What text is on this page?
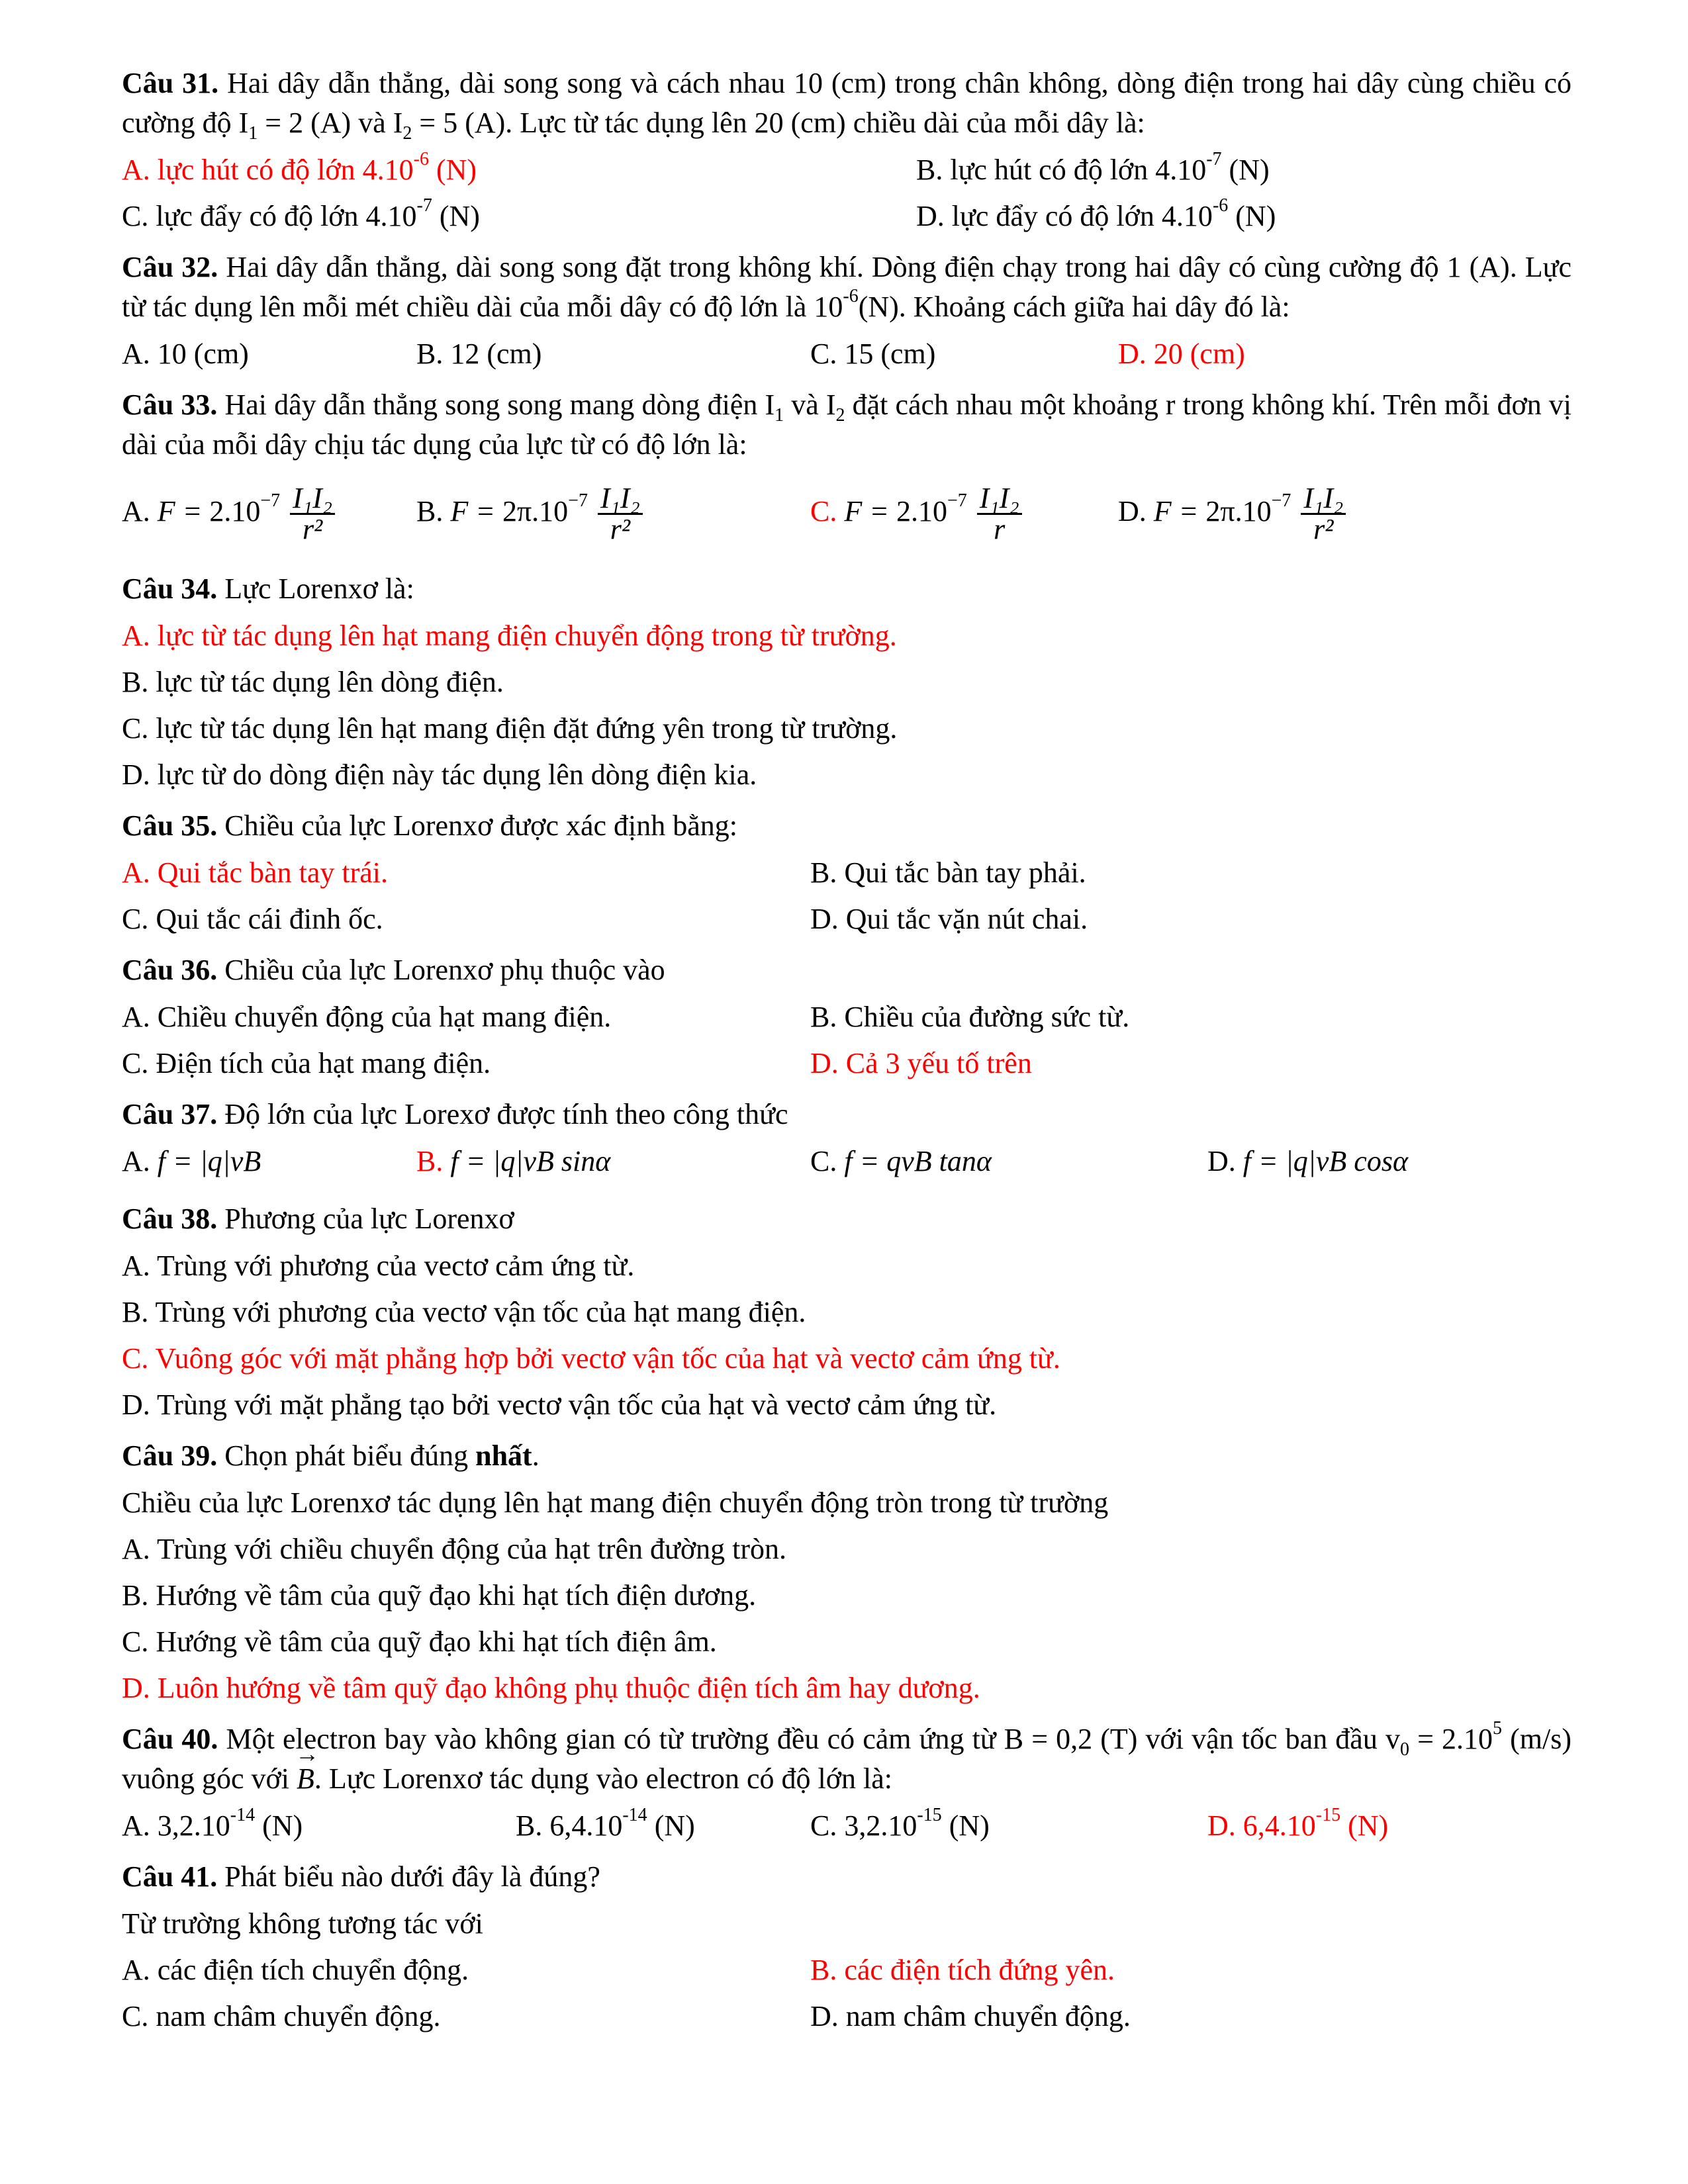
Câu 31. Hai dây dẫn thẳng, dài song song và cách nhau 10 (cm) trong chân không, dòng điện trong hai dây cùng chiều có cường độ $I_1 = 2$ (A) và $I_2 = 5$ (A). Lực từ tác dụng lên 20 (cm) chiều dài của mỗi dây là:
A. lực hút có độ lớn $4.10^{-6}$ (N)	B. lực hút có độ lớn $4.10^{-7}$ (N)
C. lực đẩy có độ lớn $4.10^{-7}$ (N)	D. lực đẩy có độ lớn $4.10^{-6}$ (N)
Câu 32. Hai dây dẫn thẳng, dài song song đặt trong không khí. Dòng điện chạy trong hai dây có cùng cường độ 1 (A). Lực từ tác dụng lên mỗi mét chiều dài của mỗi dây có độ lớn là $10^{-6}(N)$. Khoảng cách giữa hai dây đó là:
A. 10 (cm)	B. 12 (cm)	C. 15 (cm)	D. 20 (cm)
Câu 33. Hai dây dẫn thẳng song song mang dòng điện $I_1$ và $I_2$ đặt cách nhau một khoảng r trong không khí. Trên mỗi đơn vị dài của mỗi dây chịu tác dụng của lực từ có độ lớn là:
A. $F = 2.10^{-7} \frac{\text{I₁I₂}}{\text{r²}}$	B. $F = 2\pi.10^{-7} \frac{\text{I₁I₂}}{\text{r²}}$	C. $F = 2.10^{-7} \frac{\text{I₁I₂}}{r}$	D. $F = 2\pi.10^{-7} \frac{\text{I₁I₂}}{\text{r²}}$
Câu 34. Lực Lorenxơ là:
A. lực từ tác dụng lên hạt mang điện chuyển động trong từ trường.
B. lực từ tác dụng lên dòng điện.
C. lực từ tác dụng lên hạt mang điện đặt đứng yên trong từ trường.
D. lực từ do dòng điện này tác dụng lên dòng điện kia.
Câu 35. Chiều của lực Lorenxơ được xác định bằng:
A. Qui tắc bàn tay trái.	B. Qui tắc bàn tay phải.
C. Qui tắc cái đinh ốc.	D. Qui tắc vặn nút chai.
Câu 36. Chiều của lực Lorenxơ phụ thuộc vào
A. Chiều chuyển động của hạt mang điện.	B. Chiều của đường sức từ.
C. Điện tích của hạt mang điện.	D. Cả 3 yếu tố trên
Câu 37. Độ lớn của lực Lorexơ được tính theo công thức
A. f = |q|vB	B. f = |q|vB sinα	C. f = qvB tanα	D. f = |q|vB cosα
Câu 38. Phương của lực Lorenxơ
A. Trùng với phương của vectơ cảm ứng từ.
B. Trùng với phương của vectơ vận tốc của hạt mang điện.
C. Vuông góc với mặt phẳng hợp bởi vectơ vận tốc của hạt và vectơ cảm ứng từ.
D. Trùng với mặt phẳng tạo bởi vectơ vận tốc của hạt và vectơ cảm ứng từ.
Câu 39. Chọn phát biểu đúng nhất.
Chiều của lực Lorenxơ tác dụng lên hạt mang điện chuyển động tròn trong từ trường
A. Trùng với chiều chuyển động của hạt trên đường tròn.
B. Hướng về tâm của quỹ đạo khi hạt tích điện dương.
C. Hướng về tâm của quỹ đạo khi hạt tích điện âm.
D. Luôn hướng về tâm quỹ đạo không phụ thuộc điện tích âm hay dương.
Câu 40. Một electron bay vào không gian có từ trường đều có cảm ứng từ B = 0,2 (T) với vận tốc ban đầu $v_0 = 2.10^5$ (m/s) vuông góc với → B. Lực Lorenxơ tác dụng vào electron có độ lớn là:
A. $3,2.10^{-14}$ (N)	B. $6,4.10^{-14}$ (N)	C. $3,2.10^{-15}$ (N)	D. $6,4.10^{-15}$ (N)
Câu 41. Phát biểu nào dưới đây là đúng?
Từ trường không tương tác với
A. các điện tích chuyển động.	B. các điện tích đứng yên.
C. nam châm chuyển động.	D. nam châm chuyển động.
